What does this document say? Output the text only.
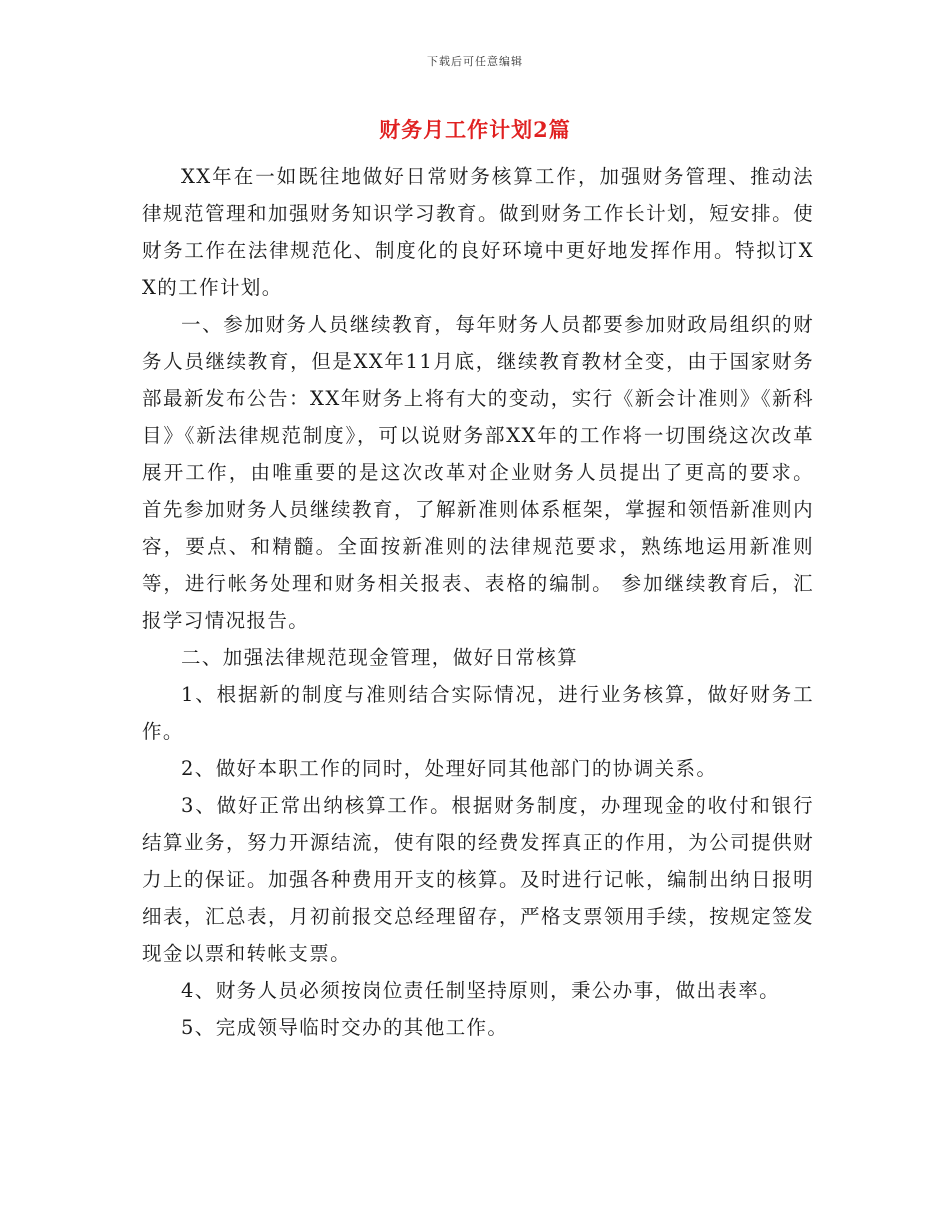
下载后可任意编辑
财务月工作计划2篇

XX年在一如既往地做好日常财务核算工作，加强财务管理、推动法律规范管理和加强财务知识学习教育。做到财务工作长计划，短安排。使财务工作在法律规范化、制度化的良好环境中更好地发挥作用。特拟订XX的工作计划。

一、参加财务人员继续教育，每年财务人员都要参加财政局组织的财务人员继续教育，但是XX年11月底，继续教育教材全变，由于国家财务部最新发布公告：XX年财务上将有大的变动，实行《新会计准则》《新科目》《新法律规范制度》，可以说财务部XX年的工作将一切围绕这次改革展开工作，由唯重要的是这次改革对企业财务人员提出了更高的要求。 首先参加财务人员继续教育，了解新准则体系框架，掌握和领悟新准则内容，要点、和精髓。全面按新准则的法律规范要求，熟练地运用新准则等，进行帐务处理和财务相关报表、表格的编制。 参加继续教育后，汇报学习情况报告。

二、加强法律规范现金管理，做好日常核算

1、根据新的制度与准则结合实际情况，进行业务核算，做好财务工作。

2、做好本职工作的同时，处理好同其他部门的协调关系。

3、做好正常出纳核算工作。根据财务制度，办理现金的收付和银行结算业务，努力开源结流，使有限的经费发挥真正的作用，为公司提供财力上的保证。加强各种费用开支的核算。及时进行记帐，编制出纳日报明细表，汇总表，月初前报交总经理留存，严格支票领用手续，按规定签发现金以票和转帐支票。

4、财务人员必须按岗位责任制坚持原则，秉公办事，做出表率。

5、完成领导临时交办的其他工作。
